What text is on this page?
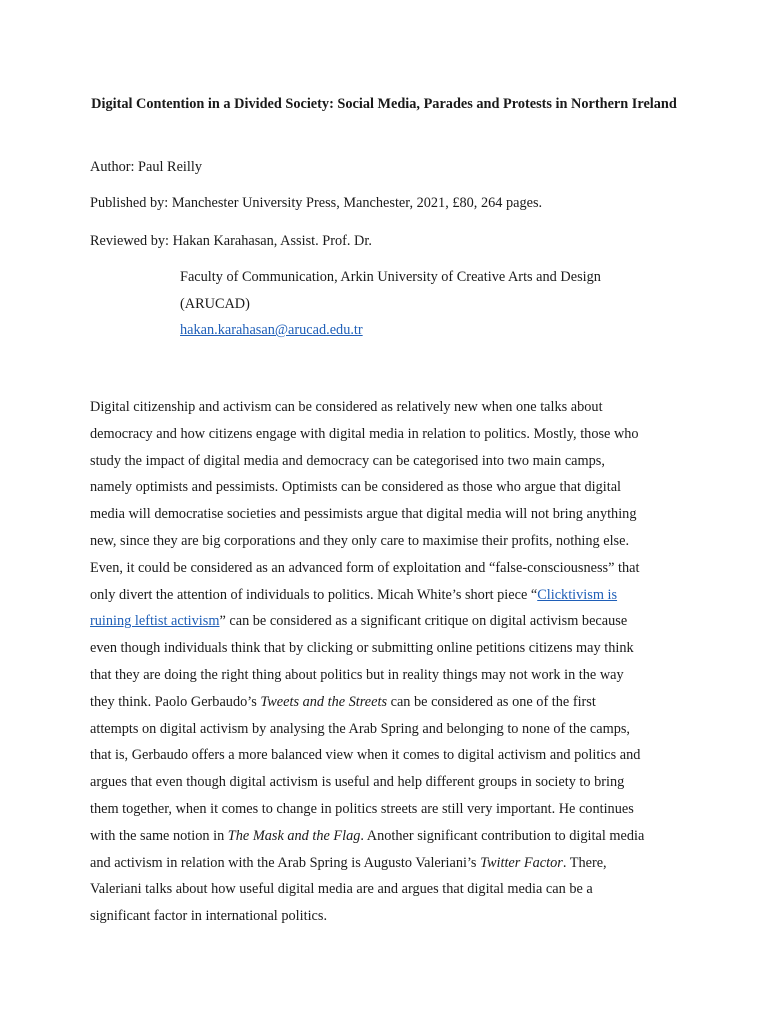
Digital Contention in a Divided Society: Social Media, Parades and Protests in Northern Ireland
Author: Paul Reilly
Published by: Manchester University Press, Manchester, 2021, £80, 264 pages.
Reviewed by: Hakan Karahasan, Assist. Prof. Dr.
Faculty of Communication, Arkin University of Creative Arts and Design
(ARUCAD)
hakan.karahasan@arucad.edu.tr
Digital citizenship and activism can be considered as relatively new when one talks about
democracy and how citizens engage with digital media in relation to politics. Mostly, those who
study the impact of digital media and democracy can be categorised into two main camps,
namely optimists and pessimists. Optimists can be considered as those who argue that digital
media will democratise societies and pessimists argue that digital media will not bring anything
new, since they are big corporations and they only care to maximise their profits, nothing else.
Even, it could be considered as an advanced form of exploitation and “false-consciousness” that
only divert the attention of individuals to politics. Micah White’s short piece “Clicktivism is
ruining leftist activism” can be considered as a significant critique on digital activism because
even though individuals think that by clicking or submitting online petitions citizens may think
that they are doing the right thing about politics but in reality things may not work in the way
they think. Paolo Gerbaudo’s Tweets and the Streets can be considered as one of the first
attempts on digital activism by analysing the Arab Spring and belonging to none of the camps,
that is, Gerbaudo offers a more balanced view when it comes to digital activism and politics and
argues that even though digital activism is useful and help different groups in society to bring
them together, when it comes to change in politics streets are still very important. He continues
with the same notion in The Mask and the Flag. Another significant contribution to digital media
and activism in relation with the Arab Spring is Augusto Valeriani’s Twitter Factor. There,
Valeriani talks about how useful digital media are and argues that digital media can be a
significant factor in international politics.
